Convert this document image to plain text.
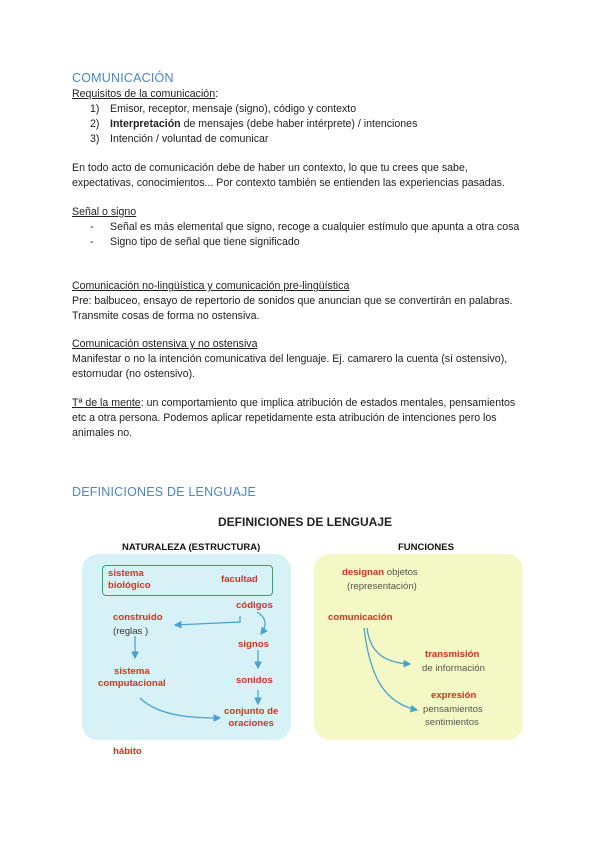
COMUNICACIÓN

Requisitos de la comunicación:

1) Emisor, receptor, mensaje (signo), código y contexto
2) Interpretación de mensajes (debe haber intérprete) / intenciones
3) Intención / voluntad de comunicar

En todo acto de comunicación debe de haber un contexto, lo que tu crees que sabe, expectativas, conocimientos... Por contexto también se entienden las experiencias pasadas.

Señal o signo

- Señal es más elemental que signo, recoge a cualquier estímulo que apunta a otra cosa
- Signo tipo de señal que tiene significado

Comunicación no-lingüística y comunicación pre-lingüística

Pre: balbuceo, ensayo de repertorio de sonidos que anuncian que se convertirán en palabras. Transmite cosas de forma no ostensiva.

Comunicación ostensiva y no ostensiva

Manifestar o no la intención comunicativa del lenguaje. Ej. camarero la cuenta (sí ostensivo), estornudar (no ostensivo).

Tª de la mente: un comportamiento que implica atribución de estados mentales, pensamientos etc a otra persona. Podemos aplicar repetidamente esta atribución de intenciones pero los animales no.

DEFINICIONES DE LENGUAJE
DEFINICIONES DE LENGUAJE
NATURALEZA (ESTRUCTURA)	FUNCIONES
sistema
biológico
facultad
códigos
construido
(reglas )
signos
sistema
computacional	sonidos
conjunto de
oraciones
hábito
designan objetos
(representación)
comunicación
transmisión
de información
expresión
pensamientos
sentimientos
